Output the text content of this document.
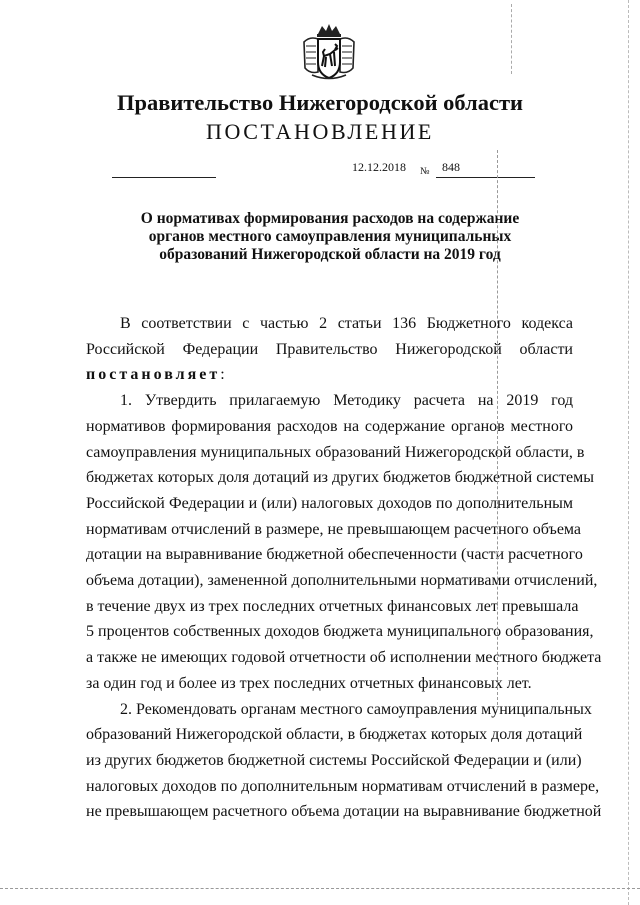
Правительство Нижегородской области
ПОСТАНОВЛЕНИЕ
12.12.2018 № 848
О нормативах формирования расходов на содержание
органов местного самоуправления муниципальных
образований Нижегородской области на 2019 год

В соответствии с частью 2 статьи 136 Бюджетного кодекса

Российской Федерации Правительство Нижегородской области
постановляет:

1. Утвердить прилагаемую Методику расчета на 2019 год

нормативов формирования расходов на содержание органов местного
самоуправления муниципальных образований Нижегородской области, в
бюджетах которых доля дотаций из других бюджетов бюджетной системы
Российской Федерации и (или) налоговых доходов по дополнительным
нормативам отчислений в размере, не превышающем расчетного объема
дотации на выравнивание бюджетной обеспеченности (части расчетного
объема дотации), замененной дополнительными нормативами отчислений,
в течение двух из трех последних отчетных финансовых лет превышала
5 процентов собственных доходов бюджета муниципального образования,
а также не имеющих годовой отчетности об исполнении местного бюджета
за один год и более из трех последних отчетных финансовых лет.

2. Рекомендовать органам местного самоуправления муниципальных

образований Нижегородской области, в бюджетах которых доля дотаций
из других бюджетов бюджетной системы Российской Федерации и (или)
налоговых доходов по дополнительным нормативам отчислений в размере,
не превышающем расчетного объема дотации на выравнивание бюджетной
